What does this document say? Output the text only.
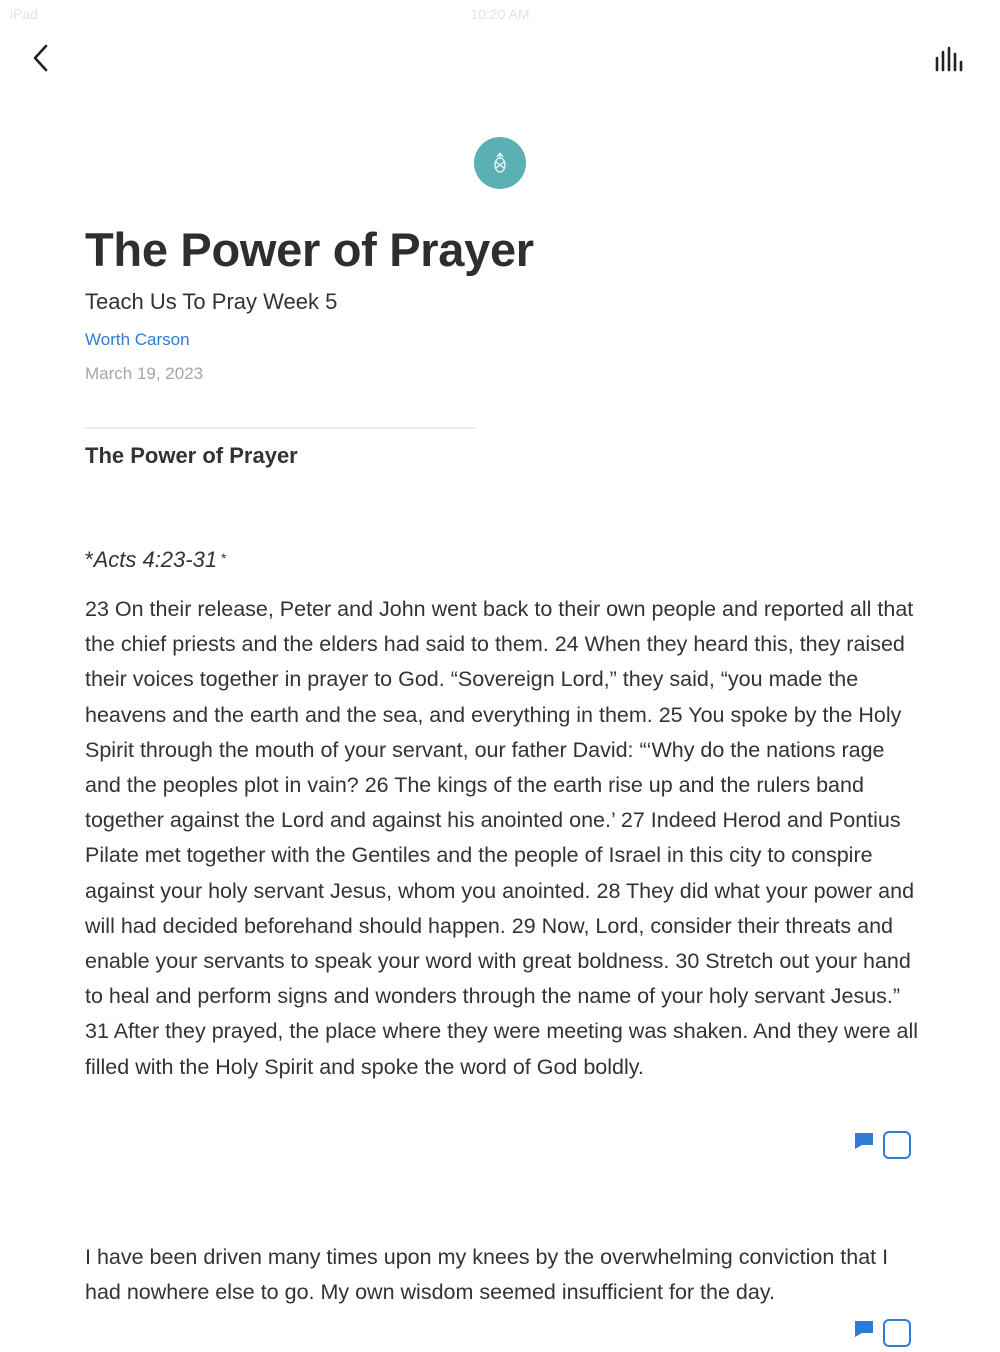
iPad	10:20 AM
The Power of Prayer
Teach Us To Pray Week 5
Worth Carson
March 19, 2023
The Power of Prayer
*Acts 4:23-31 *

23 On their release, Peter and John went back to their own people and reported all that the chief priests and the elders had said to them. 24 When they heard this, they raised their voices together in prayer to God. “Sovereign Lord,” they said, “you made the heavens and the earth and the sea, and everything in them. 25 You spoke by the Holy Spirit through the mouth of your servant, our father David: “‘Why do the nations rage and the peoples plot in vain? 26 The kings of the earth rise up and the rulers band together against the Lord and against his anointed one.’ 27 Indeed Herod and Pontius Pilate met together with the Gentiles and the people of Israel in this city to conspire against your holy servant Jesus, whom you anointed. 28 They did what your power and will had decided beforehand should happen. 29 Now, Lord, consider their threats and enable your servants to speak your word with great boldness. 30 Stretch out your hand to heal and perform signs and wonders through the name of your holy servant Jesus.” 31 After they prayed, the place where they were meeting was shaken. And they were all filled with the Holy Spirit and spoke the word of God boldly.

I have been driven many times upon my knees by the overwhelming conviction that I had nowhere else to go. My own wisdom seemed insufficient for the day.
